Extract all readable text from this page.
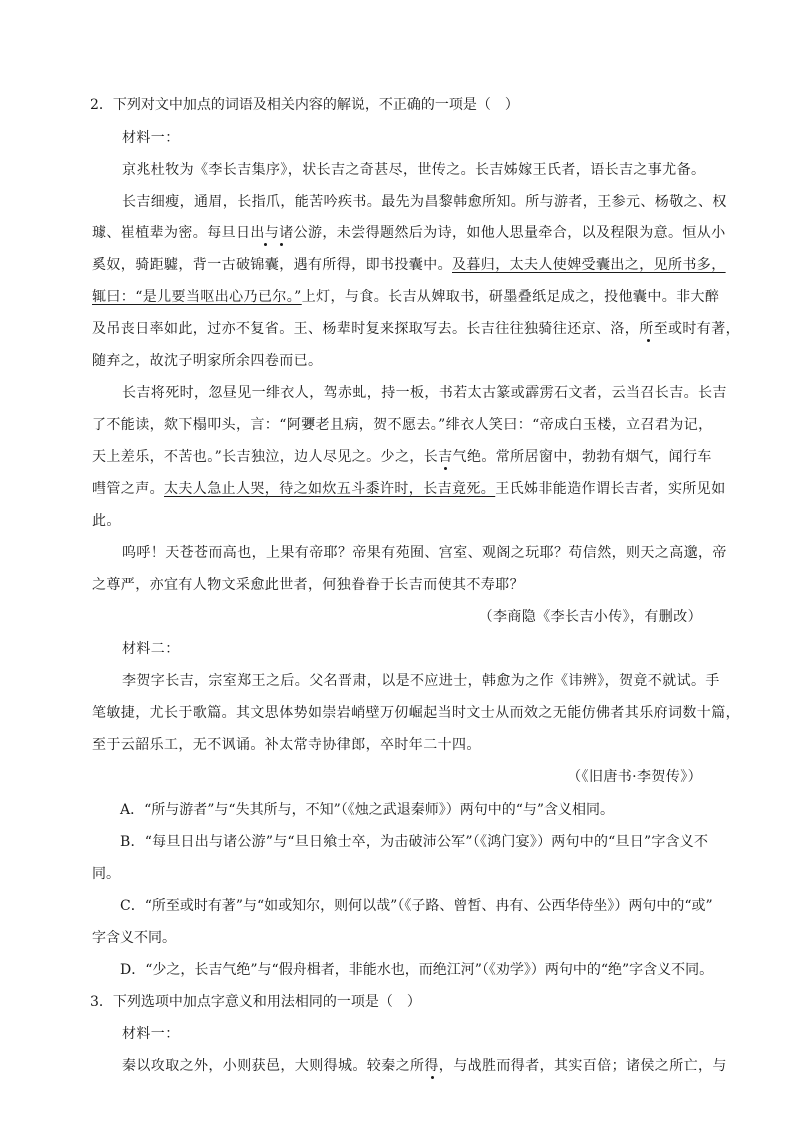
2．下列对文中加点的词语及相关内容的解说，不正确的一项是（　）
材料一：
京兆杜牧为《李长吉集序》，状长吉之奇甚尽，世传之。长吉姊嫁王氏者，语长吉之事尤备。
长吉细瘦，通眉，长指爪，能苦吟疾书。最先为昌黎韩愈所知。所与游者，王参元、杨敬之、权
璩、崔植辈为密。每旦日出与诸公游，未尝得题然后为诗，如他人思量牵合，以及程限为意。恒从小
奚奴，骑距驉，背一古破锦囊，遇有所得，即书投囊中。及暮归，太夫人使婢受囊出之，见所书多，
辄曰：“是儿要当呕出心乃已尔。”上灯，与食。长吉从婢取书，研墨叠纸足成之，投他囊中。非大醉
及吊丧日率如此，过亦不复省。王、杨辈时复来探取写去。长吉往往独骑往还京、洛，所至或时有著，
随弃之，故沈子明家所余四卷而已。
长吉将死时，忽昼见一绯衣人，驾赤虬，持一板，书若太古篆或霹雳石文者，云当召长吉。长吉
了不能读，欻下榻叩头，言：“阿㜷老且病，贺不愿去。”绯衣人笑曰：“帝成白玉楼，立召君为记，
天上差乐，不苦也。”长吉独泣，边人尽见之。少之，长吉气绝。常所居窗中，勃勃有烟气，闻行车
嘒管之声。太夫人急止人哭，待之如炊五斗黍许时，长吉竟死。王氏姊非能造作谓长吉者，实所见如
此。
呜呼！天苍苍而高也，上果有帝耶？帝果有苑囿、宫室、观阁之玩耶？苟信然，则天之高邈，帝
之尊严，亦宜有人物文采愈此世者，何独眷眷于长吉而使其不寿耶？
（李商隐《李长吉小传》，有删改）
材料二：
李贺字长吉，宗室郑王之后。父名晋肃，以是不应进士，韩愈为之作《讳辨》，贺竟不就试。手
笔敏捷，尤长于歌篇。其文思体势如崇岩峭壁万仞崛起当时文士从而效之无能仿佛者其乐府词数十篇，
至于云韶乐工，无不讽诵。补太常寺协律郎，卒时年二十四。
（《旧唐书·李贺传》）
A．“所与游者”与“失其所与，不知”（《烛之武退秦师》）两句中的“与”含义相同。
B．“每旦日出与诸公游”与“旦日飨士卒，为击破沛公军”（《鸿门宴》）两句中的“旦日”字含义不
同。
C．“所至或时有著”与“如或知尔，则何以哉”（《子路、曾皙、冉有、公西华侍坐》）两句中的“或”
字含义不同。
D．“少之，长吉气绝”与“假舟楫者，非能水也，而绝江河”（《劝学》）两句中的“绝”字含义不同。
3．下列选项中加点字意义和用法相同的一项是（　）
材料一：
秦以攻取之外，小则获邑，大则得城。较秦之所得，与战胜而得者，其实百倍；诸侯之所亡，与
